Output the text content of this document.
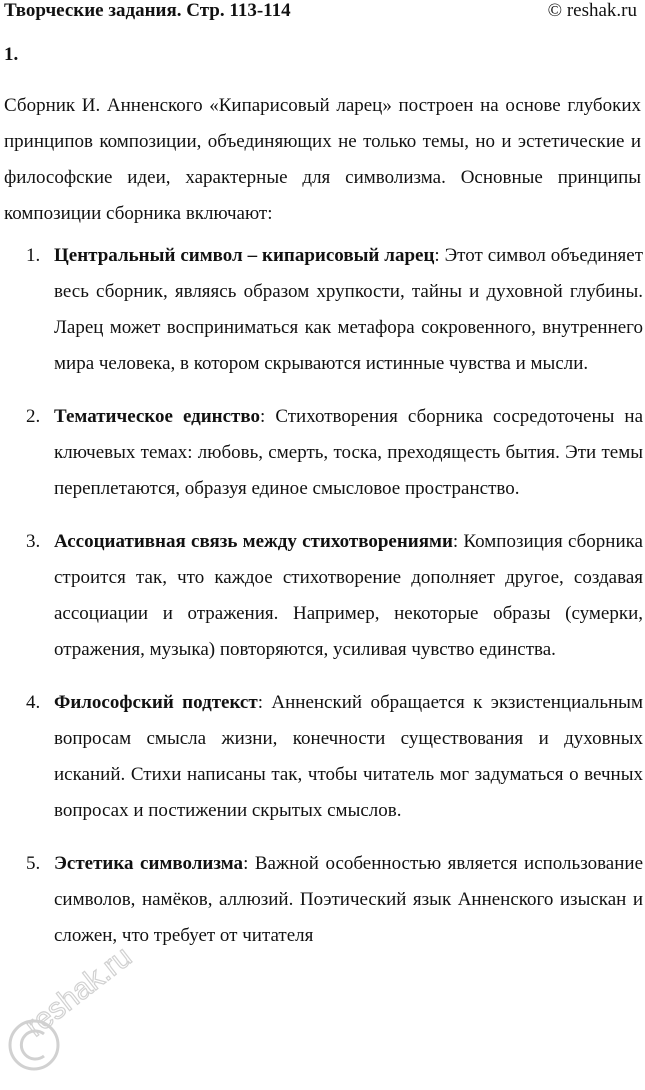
Творческие задания. Стр. 113-114	© reshak.ru
1.

Сборник И. Анненского «Кипарисовый ларец» построен на основе глубоких принципов композиции, объединяющих не только темы, но и эстетические и философские идеи, характерные для символизма. Основные принципы композиции сборника включают:

1. Центральный символ – кипарисовый ларец: Этот символ объединяет весь сборник, являясь образом хрупкости, тайны и духовной глубины. Ларец может восприниматься как метафора сокровенного, внутреннего мира человека, в котором скрываются истинные чувства и мысли.
2. Тематическое единство: Стихотворения сборника сосредоточены на ключевых темах: любовь, смерть, тоска, преходящесть бытия. Эти темы переплетаются, образуя единое смысловое пространство.
3. Ассоциативная связь между стихотворениями: Композиция сборника строится так, что каждое стихотворение дополняет другое, создавая ассоциации и отражения. Например, некоторые образы (сумерки, отражения, музыка) повторяются, усиливая чувство единства.
4. Философский подтекст: Анненский обращается к экзистенциальным вопросам смысла жизни, конечности существования и духовных исканий. Стихи написаны так, чтобы читатель мог задуматься о вечных вопросах и постижении скрытых смыслов.
5. Эстетика символизма: Важной особенностью является использование символов, намёков, аллюзий. Поэтический язык Анненского изыскан и сложен, что требует от читателя
reshak.ru
